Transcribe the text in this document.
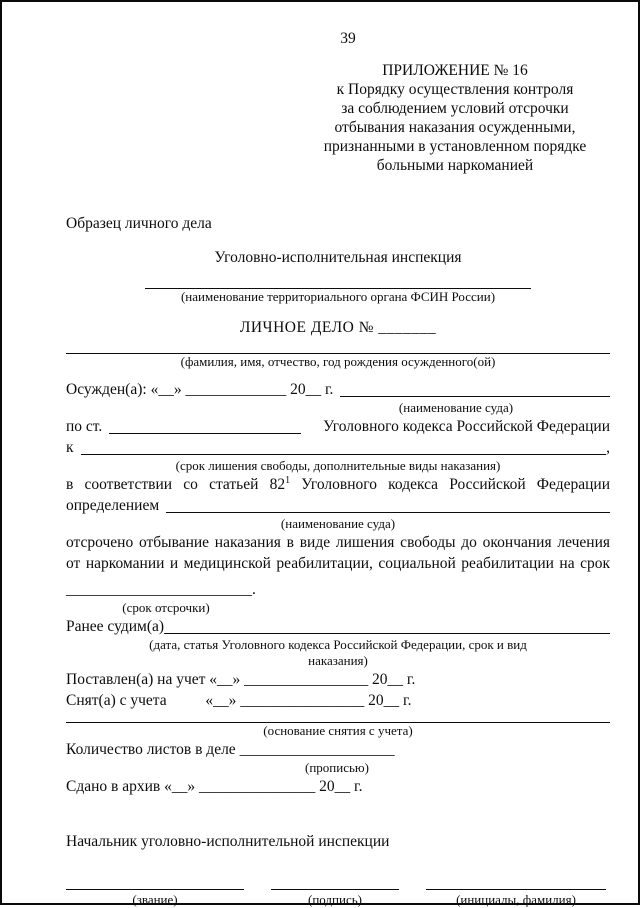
39
ПРИЛОЖЕНИЕ № 16
к Порядку осуществления контроля
за соблюдением условий отсрочки
отбывания наказания осужденными,
признанными в установленном порядке
больными наркоманией
Образец личного дела
Уголовно-исполнительная инспекция
(наименование территориального органа ФСИН России)
ЛИЧНОЕ ДЕЛО № _______
(фамилия, имя, отчество, год рождения осужденного(ой)
Осужден(а): «__» _____________ 20__ г.
(наименование суда)
по ст.	Уголовного кодекса Российской Федерации
к	,
(срок лишения свободы, дополнительные виды наказания)
в соответствии со статьей $82^1$ Уголовного кодекса Российской Федерации
определением
(наименование суда)
отсрочено отбывание наказания в виде лишения свободы до окончания лечения
от наркомании и медицинской реабилитации, социальной реабилитации на срок
________________________.
(срок отсрочки)
Ранее судим(а)
(дата, статья Уголовного кодекса Российской Федерации, срок и вид
наказания)
Поставлен(а) на учет «__» ________________ 20__ г.
Снят(а) с учета          «__» ________________ 20__ г.
(основание снятия с учета)
Количество листов в деле ____________________
(прописью)
Сдано в архив «__» _______________ 20__ г.
Начальник уголовно-исполнительной инспекции
(звание)	(подпись)	(инициалы, фамилия)
